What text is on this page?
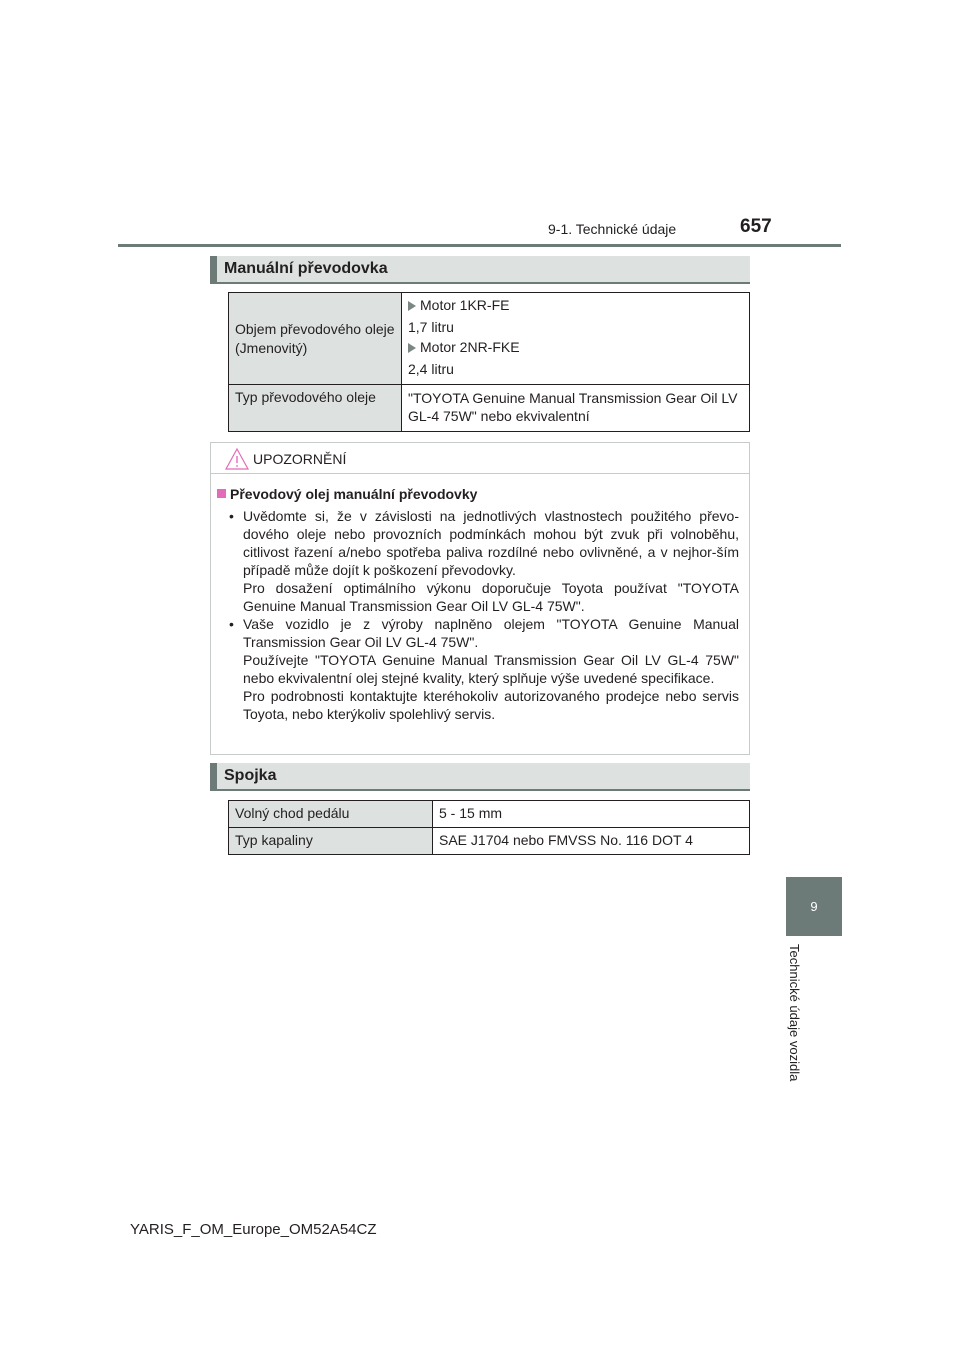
9-1. Technické údaje	657
9
Technické údaje vozidla
Manuální převodovka
Objem převodového oleje (Jmenovitý)	Motor 1KR-FE

1,7 litru

Motor 2NR-FKE

2,4 litru

Typ převodového oleje	"TOYOTA Genuine Manual Transmission Gear Oil LV GL-4 75W" nebo ekvivalentní
UPOZORNĚNÍ
Převodový olej manuální převodovky
• Uvědomte si, že v závislosti na jednotlivých vlastnostech použitého převo-dového oleje nebo provozních podmínkách mohou být zvuk při volnoběhu, citlivost řazení a/nebo spotřeba paliva rozdílné nebo ovlivněné, a v nejhor-ším případě může dojít k poškození převodovky.

Pro dosažení optimálního výkonu doporučuje Toyota používat "TOYOTA Genuine Manual Transmission Gear Oil LV GL-4 75W".

• Vaše vozidlo je z výroby naplněno olejem "TOYOTA Genuine Manual Transmission Gear Oil LV GL-4 75W".

Používejte "TOYOTA Genuine Manual Transmission Gear Oil LV GL-4 75W" nebo ekvivalentní olej stejné kvality, který splňuje výše uvedené specifikace.

Pro podrobnosti kontaktujte kteréhokoliv autorizovaného prodejce nebo servis Toyota, nebo kterýkoliv spolehlivý servis.

Spojka
Volný chod pedálu	5 - 15 mm

Typ kapaliny	SAE J1704 nebo FMVSS No. 116 DOT 4
YARIS_F_OM_Europe_OM52A54CZ
